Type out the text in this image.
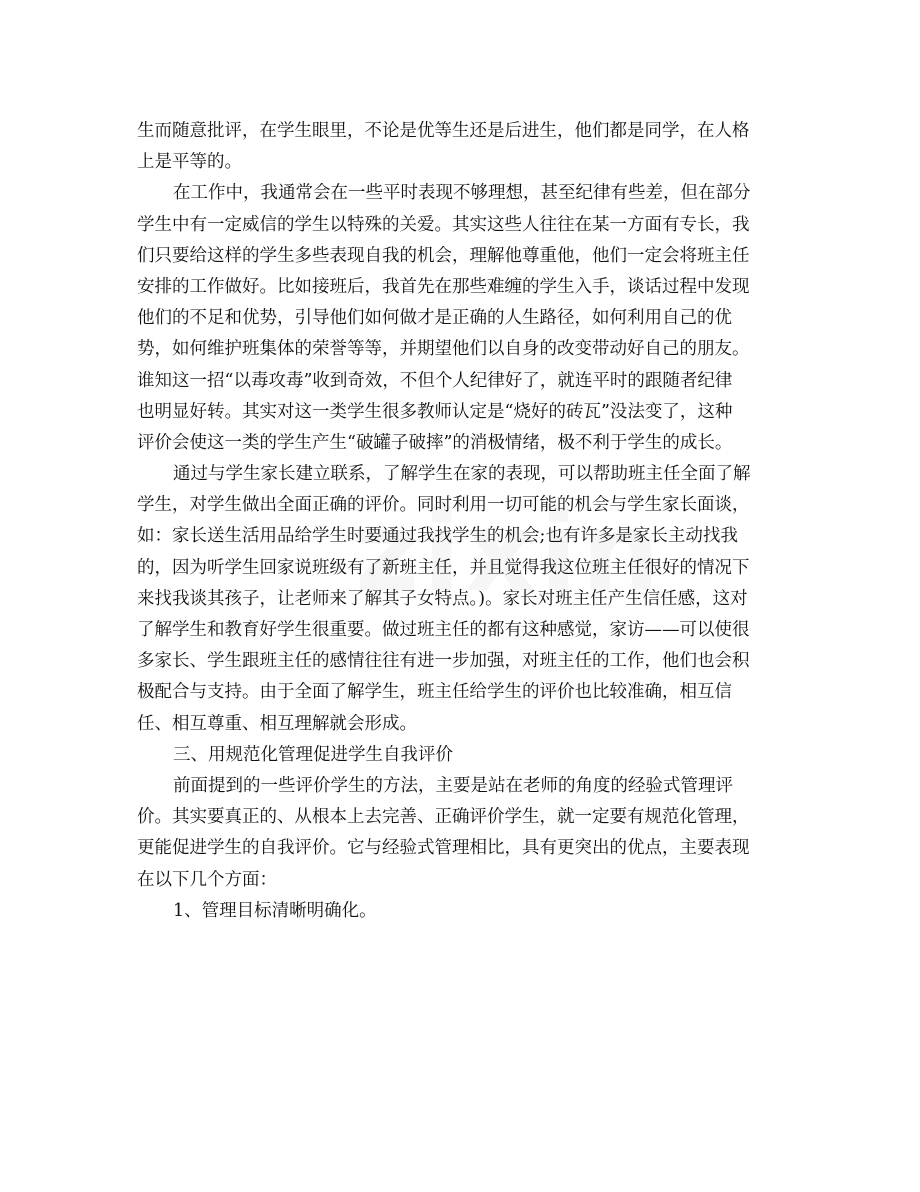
生而随意批评，在学生眼里，不论是优等生还是后进生，他们都是同学，在人格
上是平等的。
在工作中，我通常会在一些平时表现不够理想，甚至纪律有些差，但在部分
学生中有一定威信的学生以特殊的关爱。其实这些人往往在某一方面有专长，我
们只要给这样的学生多些表现自我的机会，理解他尊重他，他们一定会将班主任
安排的工作做好。比如接班后，我首先在那些难缠的学生入手，谈话过程中发现
他们的不足和优势，引导他们如何做才是正确的人生路径，如何利用自己的优
势，如何维护班集体的荣誉等等，并期望他们以自身的改变带动好自己的朋友。
谁知这一招“以毒攻毒”收到奇效，不但个人纪律好了，就连平时的跟随者纪律
也明显好转。其实对这一类学生很多教师认定是“烧好的砖瓦”没法变了，这种
评价会使这一类的学生产生“破罐子破摔”的消极情绪，极不利于学生的成长。
通过与学生家长建立联系，了解学生在家的表现，可以帮助班主任全面了解
学生，对学生做出全面正确的评价。同时利用一切可能的机会与学生家长面谈，
如：家长送生活用品给学生时要通过我找学生的机会;也有许多是家长主动找我
的，因为听学生回家说班级有了新班主任，并且觉得我这位班主任很好的情况下
来找我谈其孩子，让老师来了解其子女特点。)。家长对班主任产生信任感，这对
了解学生和教育好学生很重要。做过班主任的都有这种感觉，家访——可以使很
多家长、学生跟班主任的感情往往有进一步加强，对班主任的工作，他们也会积
极配合与支持。由于全面了解学生，班主任给学生的评价也比较准确，相互信
任、相互尊重、相互理解就会形成。
三、用规范化管理促进学生自我评价
前面提到的一些评价学生的方法，主要是站在老师的角度的经验式管理评
价。其实要真正的、从根本上去完善、正确评价学生，就一定要有规范化管理，
更能促进学生的自我评价。它与经验式管理相比，具有更突出的优点，主要表现
在以下几个方面：
1、管理目标清晰明确化。
